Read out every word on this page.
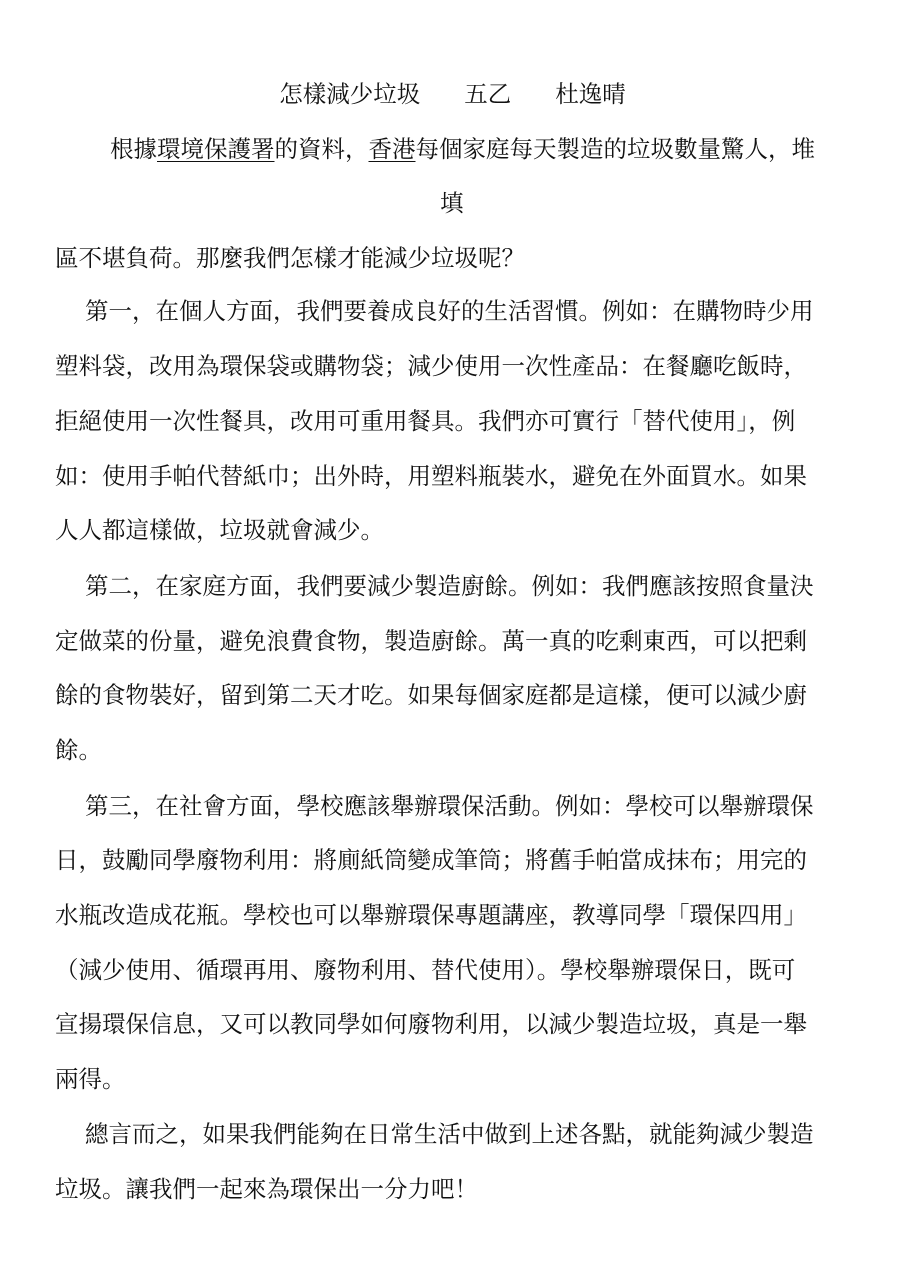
怎樣減少垃圾 五乙 杜逸晴
根據環境保護署的資料，香港每個家庭每天製造的垃圾數量驚人，堆
填
區不堪負荷。那麼我們怎樣才能減少垃圾呢？
第一，在個人方面，我們要養成良好的生活習慣。例如：在購物時少用
塑料袋，改用為環保袋或購物袋；減少使用一次性產品：在餐廳吃飯時，
拒絕使用一次性餐具，改用可重用餐具。我們亦可實行「替代使用」，例
如：使用手帕代替紙巾；出外時，用塑料瓶裝水，避免在外面買水。如果
人人都這樣做，垃圾就會減少。
第二，在家庭方面，我們要減少製造廚餘。例如：我們應該按照食量決
定做菜的份量，避免浪費食物，製造廚餘。萬一真的吃剩東西，可以把剩
餘的食物裝好，留到第二天才吃。如果每個家庭都是這樣，便可以減少廚
餘。
第三，在社會方面，學校應該舉辦環保活動。例如：學校可以舉辦環保
日，鼓勵同學廢物利用：將廁紙筒變成筆筒；將舊手帕當成抹布；用完的
水瓶改造成花瓶。學校也可以舉辦環保專題講座，教導同學「環保四用」
（減少使用、循環再用、廢物利用、替代使用）。學校舉辦環保日，既可
宣揚環保信息，又可以教同學如何廢物利用，以減少製造垃圾，真是一舉
兩得。
總言而之，如果我們能夠在日常生活中做到上述各點，就能夠減少製造
垃圾。讓我們一起來為環保出一分力吧！
